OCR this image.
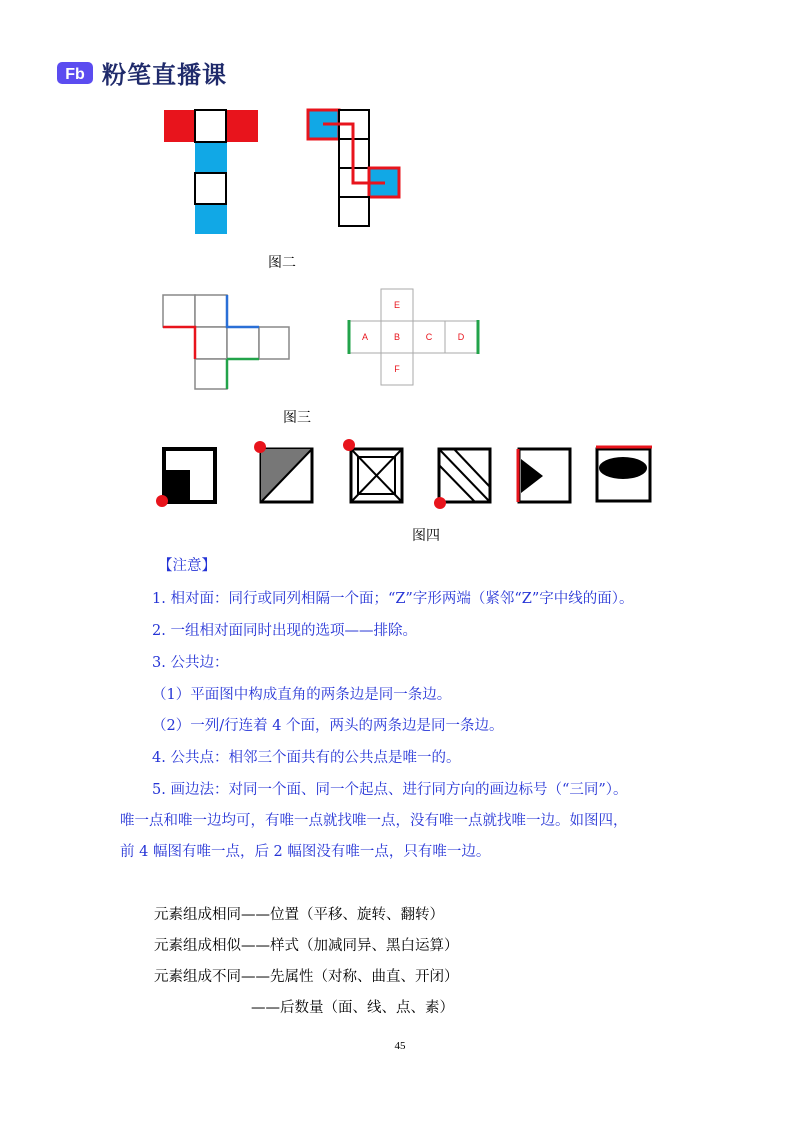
Fb 粉笔直播课
图二
E
A	B	C	D
F
图三
图四
【注意】
1. 相对面：同行或同列相隔一个面；“Z”字形两端（紧邻“Z”字中线的面）。
2. 一组相对面同时出现的选项——排除。
3. 公共边：
（1）平面图中构成直角的两条边是同一条边。
（2）一列/行连着 4 个面，两头的两条边是同一条边。
4. 公共点：相邻三个面共有的公共点是唯一的。
5. 画边法：对同一个面、同一个起点、进行同方向的画边标号（“三同”）。
唯一点和唯一边均可，有唯一点就找唯一点，没有唯一点就找唯一边。如图四，
前 4 幅图有唯一点，后 2 幅图没有唯一点，只有唯一边。
元素组成相同——位置（平移、旋转、翻转）
元素组成相似——样式（加减同异、黑白运算）
元素组成不同——先属性（对称、曲直、开闭）
——后数量（面、线、点、素）
45
